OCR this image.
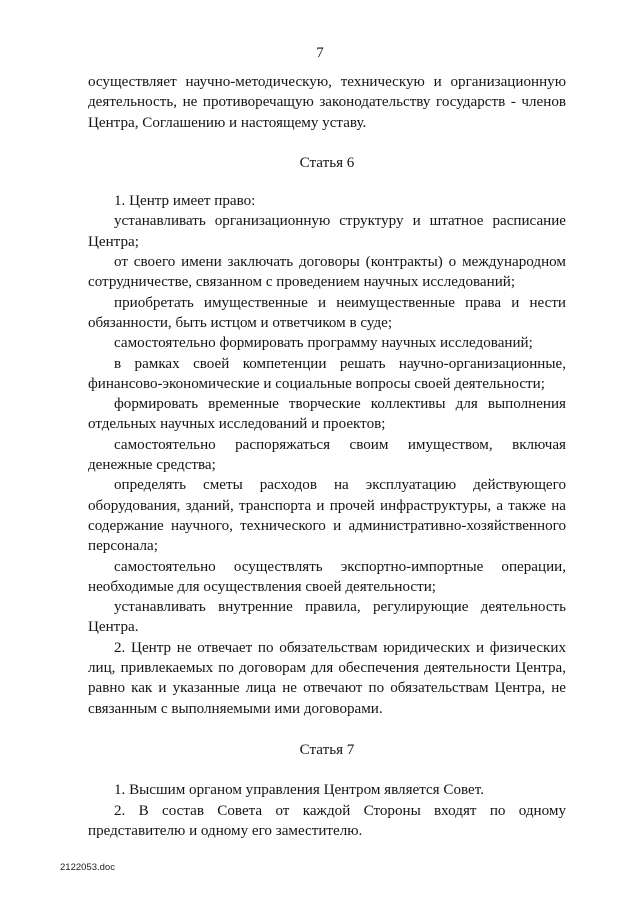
7

осуществляет научно-методическую, техническую и организационную деятельность, не противоречащую законодательству государств - членов Центра, Соглашению и настоящему уставу.

Статья 6

1. Центр имеет право:

устанавливать организационную структуру и штатное расписание Центра;

от своего имени заключать договоры (контракты) о международном сотрудничестве, связанном с проведением научных исследований;

приобретать имущественные и неимущественные права и нести обязанности, быть истцом и ответчиком в суде;

самостоятельно формировать программу научных исследований;

в рамках своей компетенции решать научно-организационные, финансово-экономические и социальные вопросы своей деятельности;

формировать временные творческие коллективы для выполнения отдельных научных исследований и проектов;

самостоятельно распоряжаться своим имуществом, включая денежные средства;

определять сметы расходов на эксплуатацию действующего оборудования, зданий, транспорта и прочей инфраструктуры, а также на содержание научного, технического и административно-хозяйственного персонала;

самостоятельно осуществлять экспортно-импортные операции, необходимые для осуществления своей деятельности;

устанавливать внутренние правила, регулирующие деятельность Центра.

2. Центр не отвечает по обязательствам юридических и физических лиц, привлекаемых по договорам для обеспечения деятельности Центра, равно как и указанные лица не отвечают по обязательствам Центра, не связанным с выполняемыми ими договорами.

Статья 7

1. Высшим органом управления Центром является Совет.

2. В состав Совета от каждой Стороны входят по одному представителю и одному его заместителю.

2122053.doc
